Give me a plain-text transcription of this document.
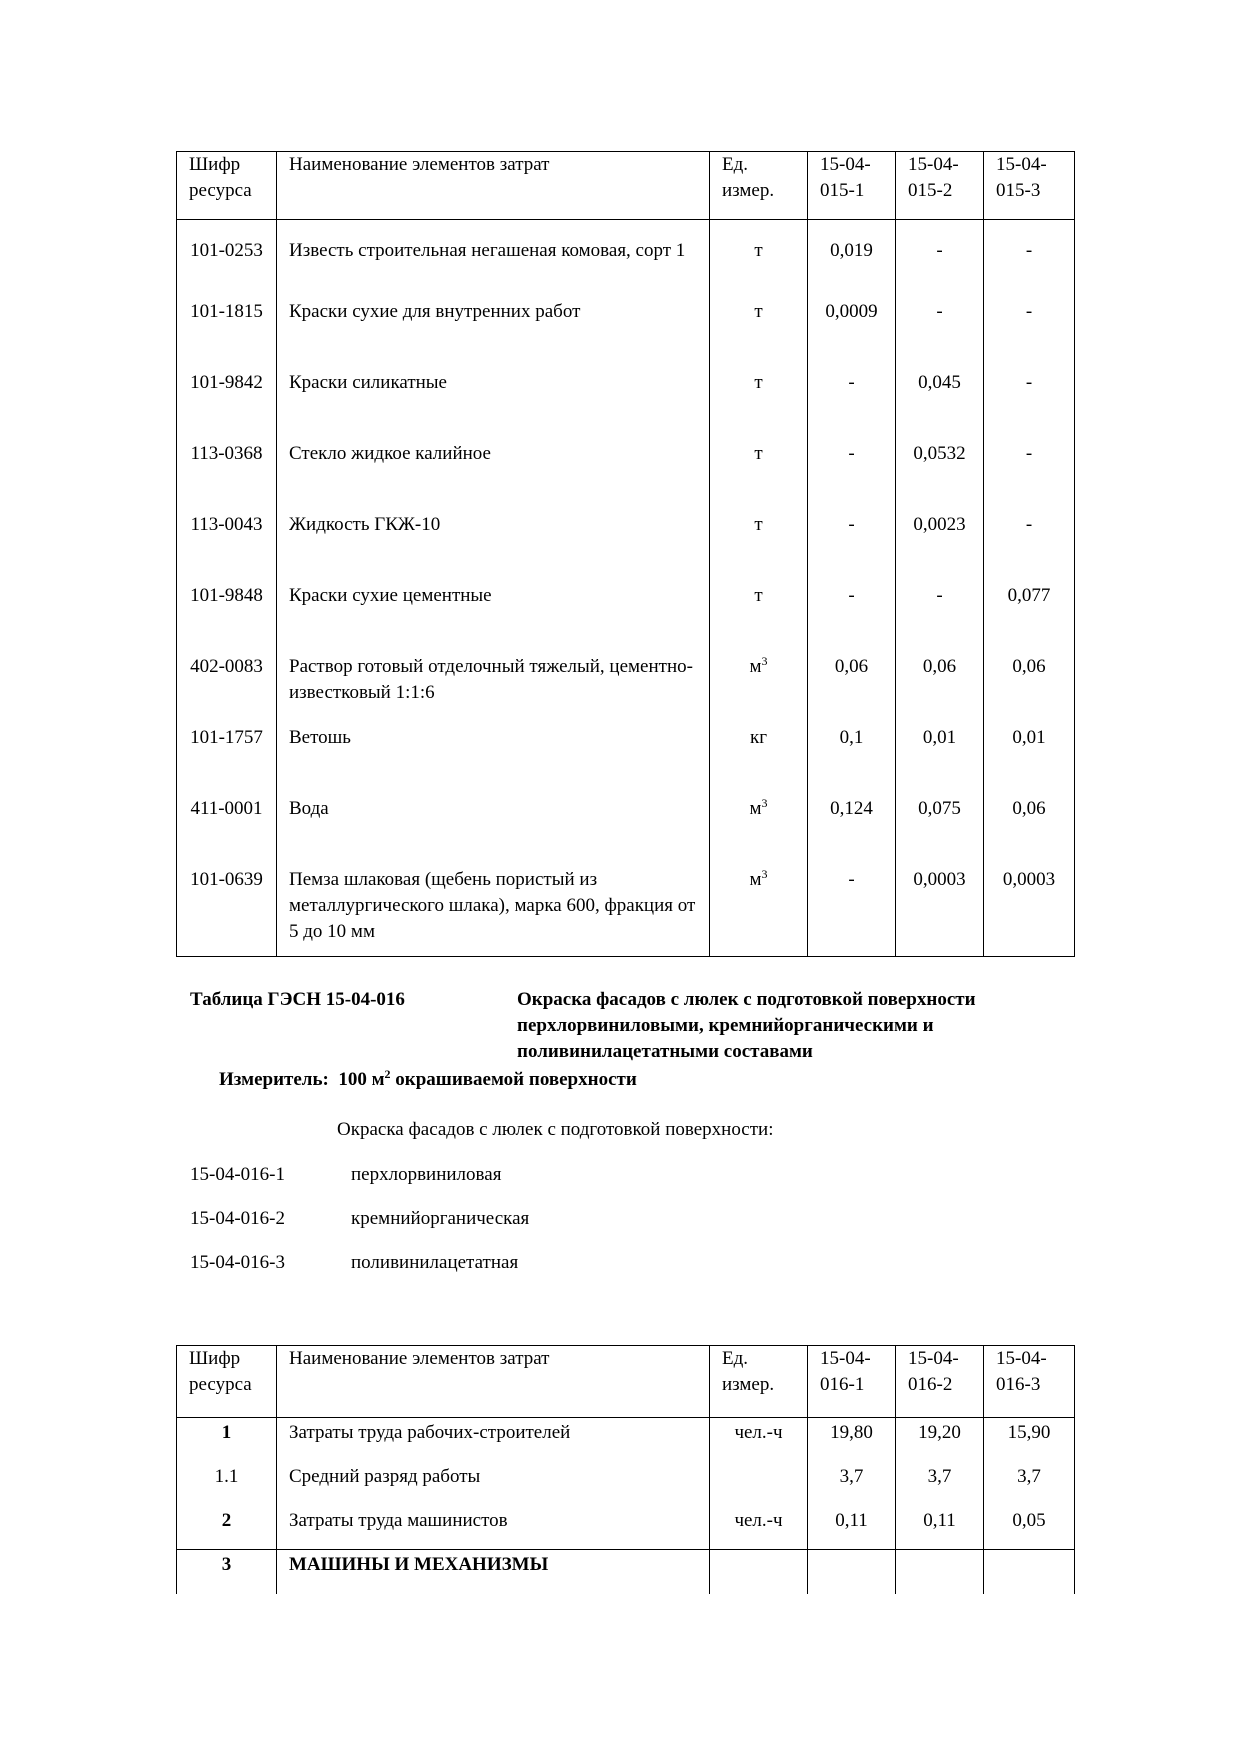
Шифр ресурса	Наименование элементов затрат	Ед. измер.	15-04-015-1	15-04-015-2	15-04-015-3
101-0253	Известь строительная негашеная комовая, сорт 1	т	0,019	-	-
101-1815	Краски сухие для внутренних работ	т	0,0009	-	-
101-9842	Краски силикатные	т	-	0,045	-
113-0368	Стекло жидкое калийное	т	-	0,0532	-
113-0043	Жидкость ГКЖ-10	т	-	0,0023	-
101-9848	Краски сухие цементные	т	-	-	0,077
402-0083	Раствор готовый отделочный тяжелый, цементно-известковый 1:1:6	$м^3$	0,06	0,06	0,06
101-1757	Ветошь	кг	0,1	0,01	0,01
411-0001	Вода	$м^3$	0,124	0,075	0,06
101-0639	Пемза шлаковая (щебень пористый из металлургического шлака), марка 600, фракция от 5 до 10 мм	$м^3$	-	0,0003	0,0003
Таблица ГЭСН 15-04-016	Окраска фасадов с люлек с подготовкой поверхности перхлорвиниловыми, кремнийорганическими и поливинилацетатными составами
Измеритель: 100 $м^2$ окрашиваемой поверхности
Окраска фасадов с люлек с подготовкой поверхности:
15-04-016-1	перхлорвиниловая
15-04-016-2	кремнийорганическая
15-04-016-3	поливинилацетатная
Шифр ресурса	Наименование элементов затрат	Ед. измер.	15-04-016-1	15-04-016-2	15-04-016-3
1	Затраты труда рабочих-строителей	чел.-ч	19,80	19,20	15,90
1.1	Средний разряд работы		3,7	3,7	3,7
2	Затраты труда машинистов	чел.-ч	0,11	0,11	0,05
3	МАШИНЫ И МЕХАНИЗМЫ				
